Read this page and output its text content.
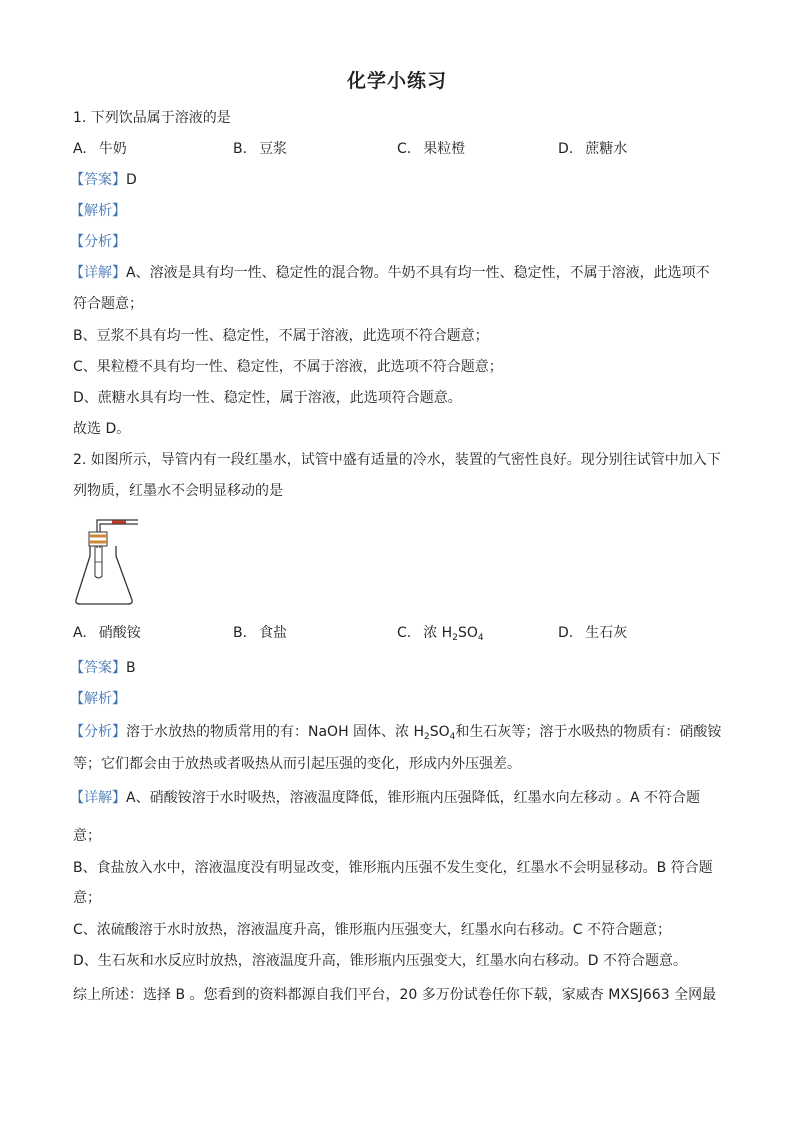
化学小练习
1. 下列饮品属于溶液的是
A. 牛奶	B. 豆浆	C. 果粒橙	D. 蔗糖水
【答案】D
【解析】
【分析】
【详解】A、溶液是具有均一性、稳定性的混合物。牛奶不具有均一性、稳定性，不属于溶液，此选项不
符合题意；
B、豆浆不具有均一性、稳定性，不属于溶液，此选项不符合题意；
C、果粒橙不具有均一性、稳定性，不属于溶液，此选项不符合题意；
D、蔗糖水具有均一性、稳定性，属于溶液，此选项符合题意。
故选 D。
2. 如图所示，导管内有一段红墨水，试管中盛有适量的冷水，装置的气密性良好。现分别往试管中加入下
列物质，红墨水不会明显移动的是
A. 硝酸铵	B. 食盐	C. 浓 $H_2SO_4$	D. 生石灰
【答案】B
【解析】
【分析】溶于水放热的物质常用的有：NaOH 固体、浓 $H_2SO_4$和生石灰等；溶于水吸热的物质有：硝酸铵
等；它们都会由于放热或者吸热从而引起压强的变化，形成内外压强差。
【详解】A、硝酸铵溶于水时吸热，溶液温度降低，锥形瓶内压强降低，红墨水向左移动 。A 不符合题
意；
B、食盐放入水中，溶液温度没有明显改变，锥形瓶内压强不发生变化，红墨水不会明显移动。B 符合题
意；
C、浓硫酸溶于水时放热，溶液温度升高，锥形瓶内压强变大，红墨水向右移动。C 不符合题意；
D、生石灰和水反应时放热，溶液温度升高，锥形瓶内压强变大，红墨水向右移动。D 不符合题意。
综上所述：选择 B 。您看到的资料都源自我们平台，20 多万份试卷任你下载，家威杏 MXSJ663 全网最
